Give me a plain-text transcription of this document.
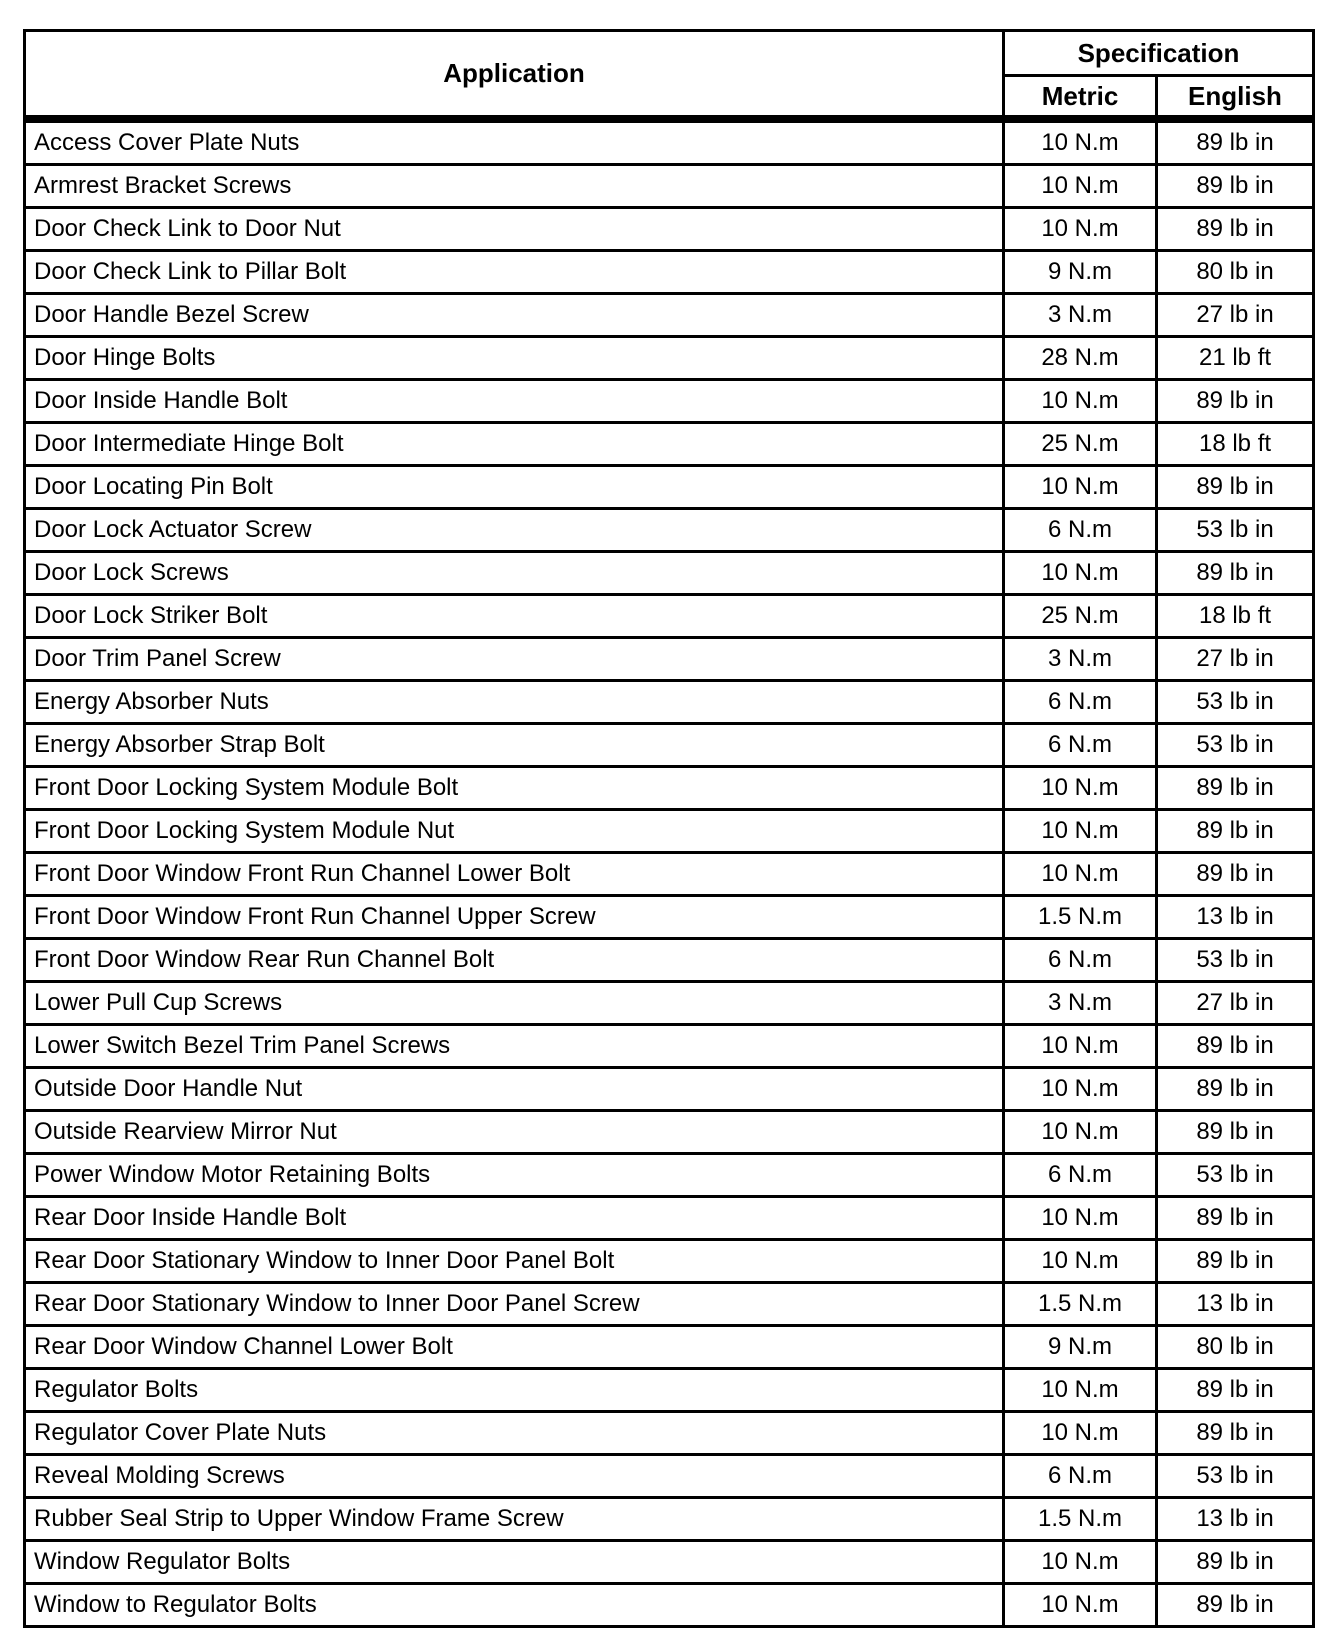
Application	Specification	
	Metric	English
Access Cover Plate Nuts	10 N.m	89 lb in
Armrest Bracket Screws	10 N.m	89 lb in
Door Check Link to Door Nut	10 N.m	89 lb in
Door Check Link to Pillar Bolt	9 N.m	80 lb in
Door Handle Bezel Screw	3 N.m	27 lb in
Door Hinge Bolts	28 N.m	21 lb ft
Door Inside Handle Bolt	10 N.m	89 lb in
Door Intermediate Hinge Bolt	25 N.m	18 lb ft
Door Locating Pin Bolt	10 N.m	89 lb in
Door Lock Actuator Screw	6 N.m	53 lb in
Door Lock Screws	10 N.m	89 lb in
Door Lock Striker Bolt	25 N.m	18 lb ft
Door Trim Panel Screw	3 N.m	27 lb in
Energy Absorber Nuts	6 N.m	53 lb in
Energy Absorber Strap Bolt	6 N.m	53 lb in
Front Door Locking System Module Bolt	10 N.m	89 lb in
Front Door Locking System Module Nut	10 N.m	89 lb in
Front Door Window Front Run Channel Lower Bolt	10 N.m	89 lb in
Front Door Window Front Run Channel Upper Screw	1.5 N.m	13 lb in
Front Door Window Rear Run Channel Bolt	6 N.m	53 lb in
Lower Pull Cup Screws	3 N.m	27 lb in
Lower Switch Bezel Trim Panel Screws	10 N.m	89 lb in
Outside Door Handle Nut	10 N.m	89 lb in
Outside Rearview Mirror Nut	10 N.m	89 lb in
Power Window Motor Retaining Bolts	6 N.m	53 lb in
Rear Door Inside Handle Bolt	10 N.m	89 lb in
Rear Door Stationary Window to Inner Door Panel Bolt	10 N.m	89 lb in
Rear Door Stationary Window to Inner Door Panel Screw	1.5 N.m	13 lb in
Rear Door Window Channel Lower Bolt	9 N.m	80 lb in
Regulator Bolts	10 N.m	89 lb in
Regulator Cover Plate Nuts	10 N.m	89 lb in
Reveal Molding Screws	6 N.m	53 lb in
Rubber Seal Strip to Upper Window Frame Screw	1.5 N.m	13 lb in
Window Regulator Bolts	10 N.m	89 lb in
Window to Regulator Bolts	10 N.m	89 lb in
